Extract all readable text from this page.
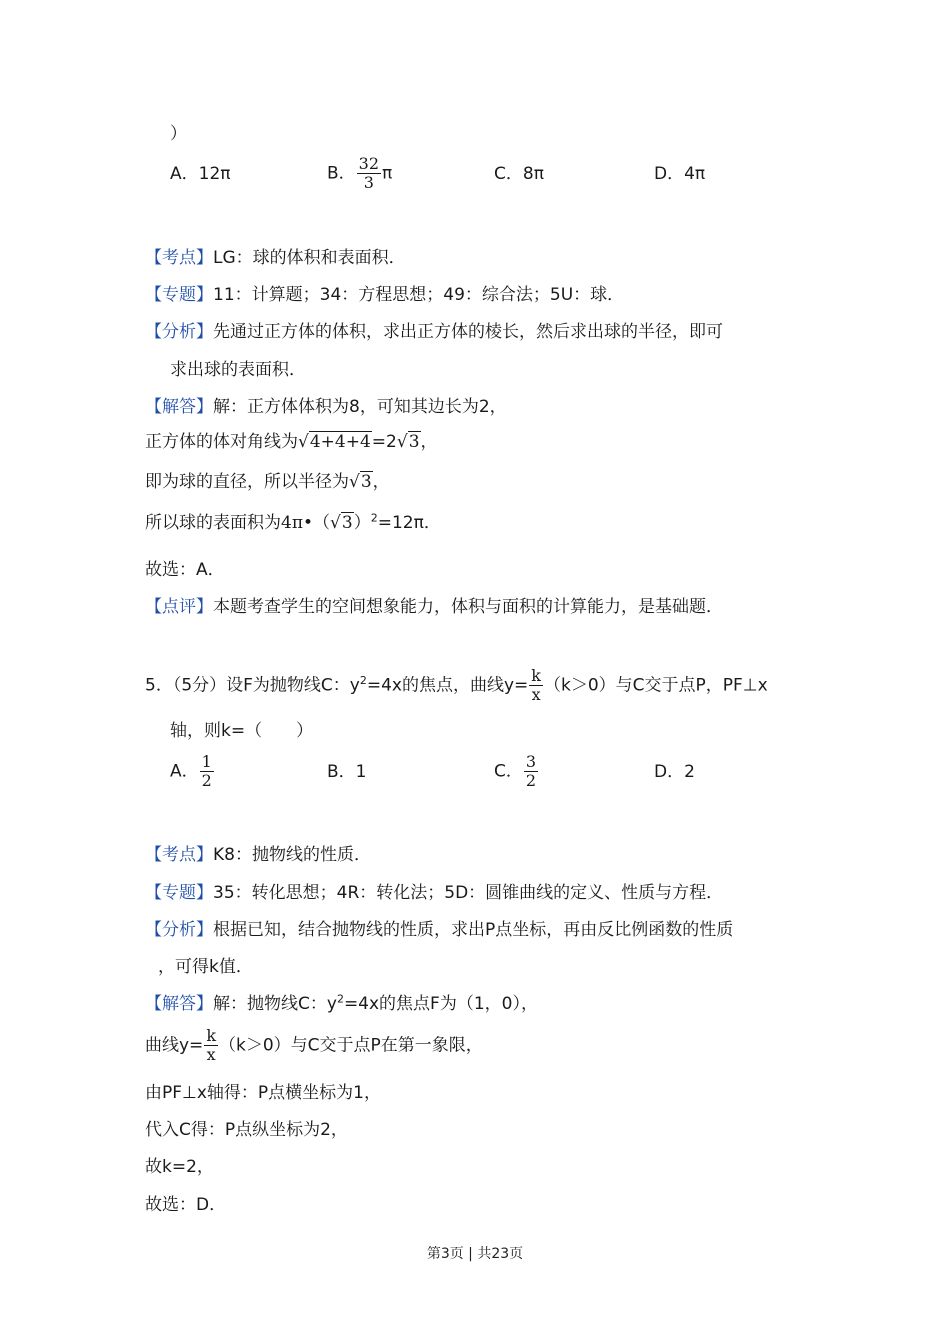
）
A．12π	B． $\frac{32}{3}$ π	C．8π	D．4π
【考点】LG：球的体积和表面积．
【专题】11：计算题；34：方程思想；49：综合法；5U：球．
【分析】先通过正方体的体积，求出正方体的棱长，然后求出球的半径，即可
求出球的表面积．
【解答】解：正方体体积为8，可知其边长为2，
正方体的体对角线为√4+4+4=2√3，
即为球的直径，所以半径为√3，
所以球的表面积为$4\pi•(√3)^2=12\pi$．
故选：A．
【点评】本题考查学生的空间想象能力，体积与面积的计算能力，是基础题．
5．（5分）设F为抛物线C：$y^2=4x$的焦点，曲线$y= \frac{k}{x} (k>0)$与C交于点P，PF⊥x
轴，则k=（　　）
A． $\frac{1}{2}$	B．1	C． $\frac{3}{2}$	D．2
【考点】K8：抛物线的性质．
【专题】35：转化思想；4R：转化法；5D：圆锥曲线的定义、性质与方程．
【分析】根据已知，结合抛物线的性质，求出P点坐标，再由反比例函数的性质
，可得k值．
【解答】解：抛物线C：$y^2=4x$的焦点F为（1，0），
曲线$y= \frac{k}{x} (k>0)$与C交于点P在第一象限，
由PF⊥x轴得：P点横坐标为1，
代入C得：P点纵坐标为2，
故k=2，
故选：D．
第3页 | 共23页
